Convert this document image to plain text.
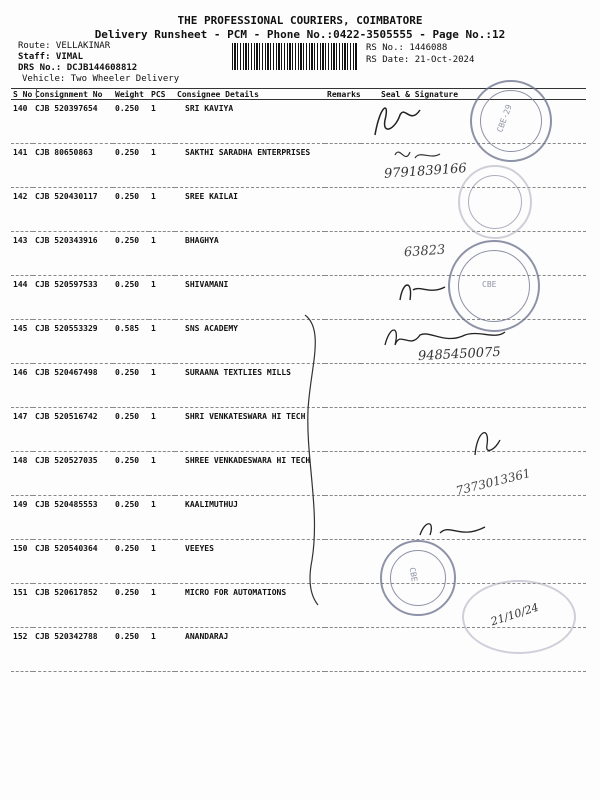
THE PROFESSIONAL COURIERS, COIMBATORE
Delivery Runsheet - PCM - Phone No.:0422-3505555 - Page No.:12
Route: VELLAKINAR
Staff: VIMAL
DRS No.: DCJB144608812
Vehicle: Two Wheeler Delivery
RS No.: 1446088
RS Date: 21-Oct-2024
S No	Consignment No	Weight	PCS	Consignee Details	Remarks	Seal & Signature
140	CJB 520397654	0.250	1	SRI KAVIYA		
141	CJB 80650863	0.250	1	SAKTHI SARADHA ENTERPRISES		
142	CJB 520430117	0.250	1	SREE KAILAI		
143	CJB 520343916	0.250	1	BHAGHYA		
144	CJB 520597533	0.250	1	SHIVAMANI		
145	CJB 520553329	0.585	1	SNS ACADEMY		
146	CJB 520467498	0.250	1	SURAANA TEXTLIES MILLS		
147	CJB 520516742	0.250	1	SHRI VENKATESWARA HI TECH		
148	CJB 520527035	0.250	1	SHREE VENKADESWARA HI TECH		
149	CJB 520485553	0.250	1	KAALIMUTHUJ		
150	CJB 520540364	0.250	1	VEEYES		
151	CJB 520617852	0.250	1	MICRO FOR AUTOMATIONS		
152	CJB 520342788	0.250	1	ANANDARAJ		
CBE-29
CBE
CBE
9791839166
63823
9485450075
7373013361
21/10/24
